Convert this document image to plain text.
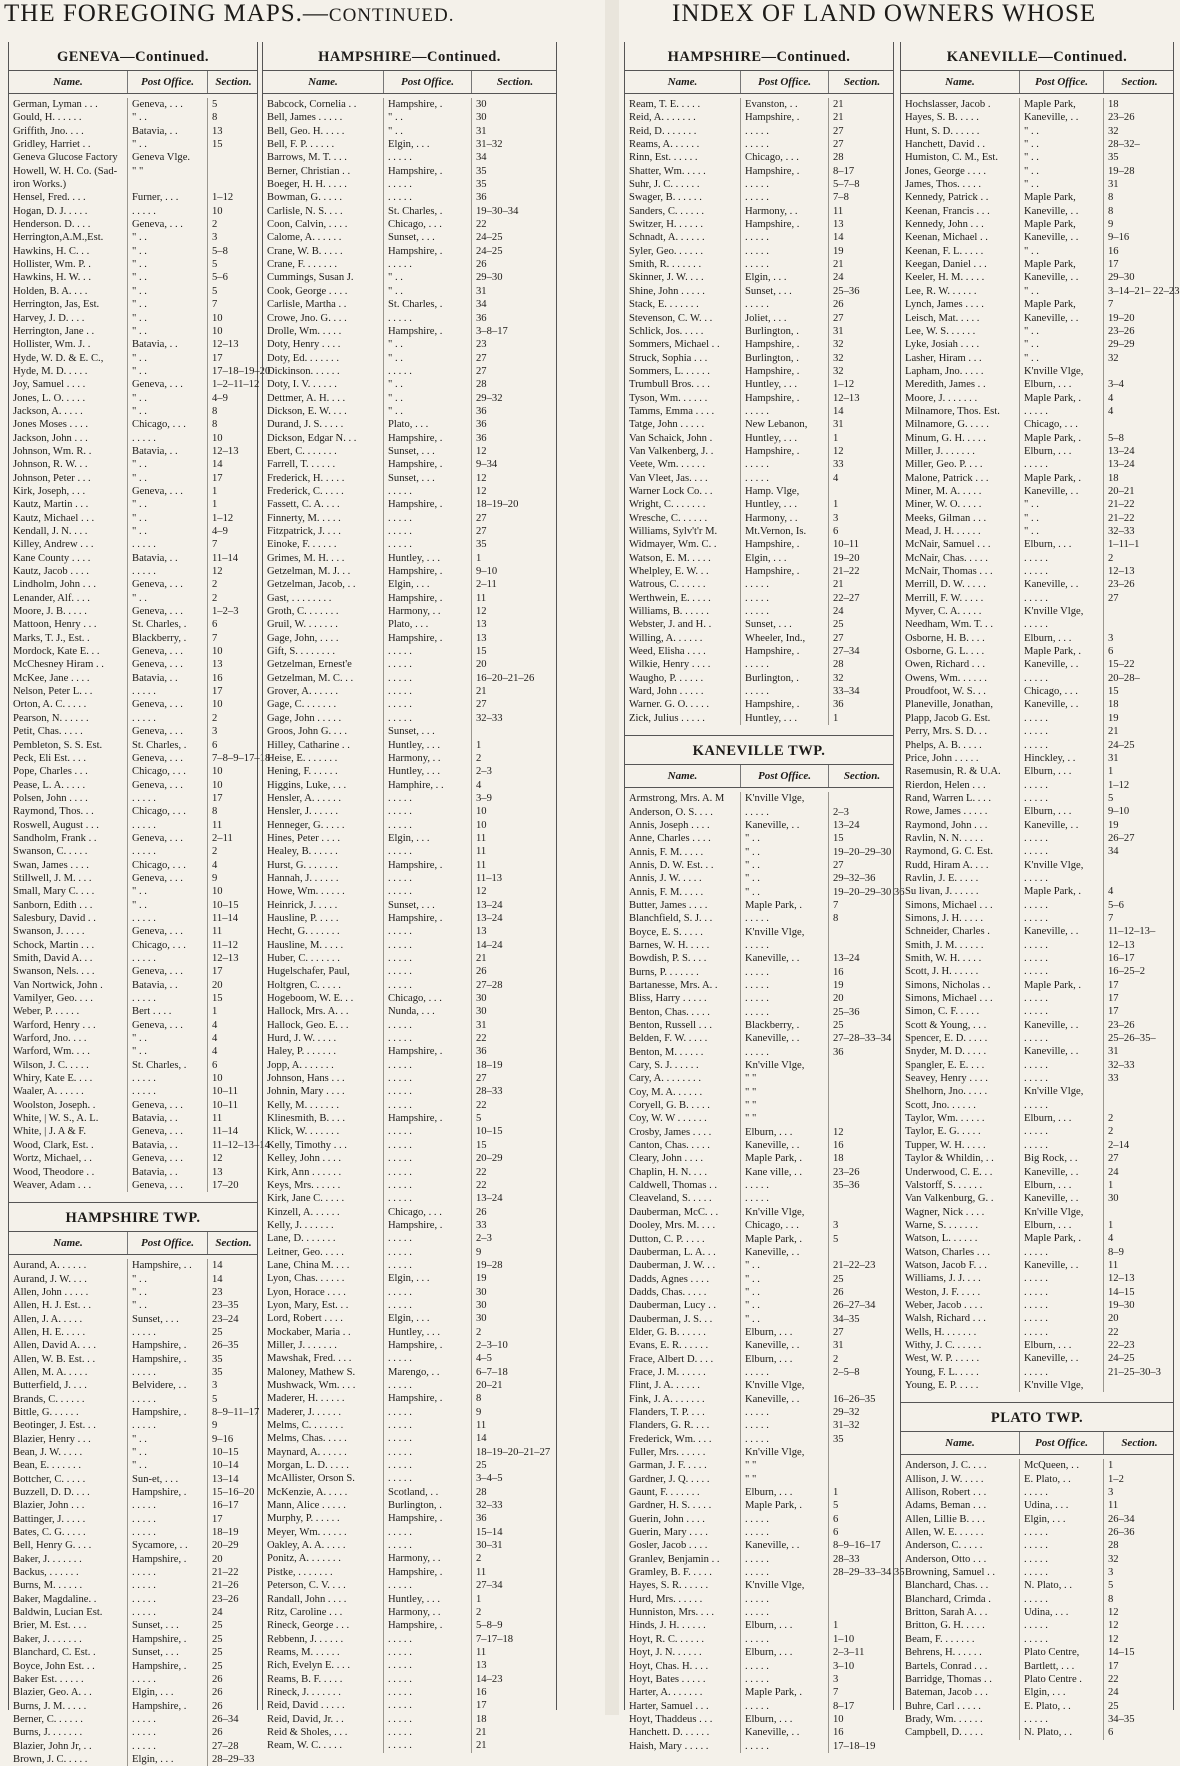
THE FOREGOING MAPS.—CONTINUED.	INDEX OF LAND OWNERS WHOSE
GENEVA—Continued.
Name.	Post Office.	Section.
German, Lyman . . .	Geneva, . . .	5
Gould, H. . . . . .	" . .	8
Griffith, Jno. . . .	Batavia, . .	13
Gridley, Harriet . .	" . .	15
Geneva Glucose Factory	Geneva Vlge.
Howell, W. H. Co. (Sad-	" "
iron Works.)
Hensel, Fred. . . .	Furner, . . .	1–12
Hogan, D. J. . . . .	. . . . .	10
Henderson. D. . . .	Geneva, . . .	2
Herrington,A.M.,Est.	" . .	3
Hawkins, H. C. . .	" . .	5–8
Hollister, Wm. P. .	" . .	5
Hawkins, H. W. . .	" . .	5–6
Holden, B. A. . . .	" . .	5
Herrington, Jas, Est.	" . .	7
Harvey, J. D. . . .	" . .	10
Herrington, Jane . .	" . .	10
Hollister, Wm. J. .	Batavia, . .	12–13
Hyde, W. D. & E. C.,	" . .	17
Hyde, M. D. . . . .	" . .	17–18–19–20
Joy, Samuel . . . .	Geneva, . . .	1–2–11–12
Jones, L. O. . . . .	" . .	4–9
Jackson, A. . . . .	" . .	8
Jones Moses . . . .	Chicago, . . .	8
Jackson, John . . .	. . . . .	10
Johnson, Wm. R. .	Batavia, . .	12–13
Johnson, R. W. . .	" . .	14
Johnson, Peter . . .	" . .	17
Kirk, Joseph, . . .	Geneva, . . .	1
Kautz, Martin . . .	" . .	1
Kautz, Michael . . .	" . .	1–12
Kendall, J. N. . . .	" . .	4–9
Killey, Andrew . . .	. . . . .	7
Kane County . . . .	Batavia, . .	11–14
Kautz, Jacob . . . .	. . . . .	12
Lindholm, John . . .	Geneva, . . .	2
Lenander, Alf. . . .	" . .	2
Moore, J. B. . . . .	Geneva, . . .	1–2–3
Mattoon, Henry . . .	St. Charles, .	6
Marks, T. J., Est. .	Blackberry, .	7
Mordock, Kate E. . .	Geneva, . . .	10
McChesney Hiram . .	Geneva, . . .	13
McKee, Jane . . . .	Batavia, . .	16
Nelson, Peter L. . .	. . . . .	17
Orton, A. C. . . . .	Geneva, . . .	10
Pearson, N. . . . . .	. . . . .	2
Petit, Chas. . . . .	Geneva, . . .	3
Pembleton, S. S. Est.	St. Charles, .	6
Peck, Eli Est. . . .	Geneva, . . .	7–8–9–17–18
Pope, Charles . . .	Chicago, . . .	10
Pease, L. A. . . . .	Geneva, . . .	10
Polsen, John . . . .	. . . . .	17
Raymond, Thos. . .	Chicago, . . .	8
Roswell, August . . .	. . . . .	11
Sandholm, Frank . .	Geneva, . . .	2–11
Swanson, C. . . . .	. . . . .	2
Swan, James . . . .	Chicago, . . .	4
Stillwell, J. M. . . .	Geneva, . . .	9
Small, Mary C. . . .	" . .	10
Sanborn, Edith . . .	" . .	10–15
Salesbury, David . .	. . . . .	11–14
Swanson, J. . . . .	Geneva, . . .	11
Schock, Martin . . .	Chicago, . . .	11–12
Smith, David A. . .	. . . . .	12–13
Swanson, Nels. . . .	Geneva, . . .	17
Van Nortwick, John .	Batavia, . .	20
Vamilyer, Geo. . . .	. . . . .	15
Weber, P. . . . . .	Bert . . . .	1
Warford, Henry . . .	Geneva, . . .	4
Warford, Jno. . . .	" . .	4
Warford, Wm. . . .	" . .	4
Wilson, J. C. . . . .	St. Charles, .	6
Whiry, Kate E. . . .	. . . . .	10
Waaler, A. . . . . .	. . . . .	10–11
Woolston, Joseph. .	Geneva, . . .	10–11
White, | W. S., A. L.	Batavia, . .	11
White, | J. A & F.	Geneva, . . .	11–14
Wood, Clark, Est. .	Batavia, . .	11–12–13–14
Wortz, Michael, . .	Geneva, . . .	12
Wood, Theodore . .	Batavia, . .	13
Weaver, Adam . . .	Geneva, . . .	17–20
HAMPSHIRE TWP.
Name.	Post Office.	Section.
Aurand, A. . . . . .	Hampshire, . .	14
Aurand, J. W. . . .	" . .	14
Allen, John . . . . .	" . .	23
Allen, H. J. Est. . .	" . .	23–35
Allen, J. A. . . . .	Sunset, . . .	23–24
Allen, H. E. . . . .	. . . . .	25
Allen, David A. . . .	Hampshire, .	26–35
Allen, W. B. Est. . .	Hampshire, .	35
Allen, M. A. . . . .	. . . . .	35
Butterfield, J. . . .	Belvidere, . .	3
Brands, C. . . . . .	. . . . .	5
Bittle, G. . . . . .	Hampshire, .	8–9–11–17
Beotinger, J. Est. . .	. . . . .	9
Blazier, Henry . . .	" . .	9–16
Bean, J. W. . . . .	" . .	10–15
Bean, E. . . . . . .	" . .	10–14
Bottcher, C. . . . .	Sun-et, . . .	13–14
Buzzell, D. D. . . .	Hampshire, .	15–16–20
Blazier, John . . .	. . . . .	16–17
Battinger, J. . . . .	. . . . .	17
Bates, C. G. . . . .	. . . . .	18–19
Bell, Henry G. . . .	Sycamore, . .	20–29
Baker, J. . . . . . .	Hampshire, .	20
Backus, . . . . . .	. . . . .	21–22
Burns, M. . . . . .	. . . . .	21–26
Baker, Magdaline. .	. . . . .	23–26
Baldwin, Lucian Est.	. . . . .	24
Brier, M. Est. . . .	Sunset, . . .	25
Baker, J. . . . . . .	Hampshire, .	25
Blanchard, C. Est. .	Sunset, . . .	25
Boyce, John Est. . .	Hampshire, .	25
Baker Est. . . . . .	. . . . .	26
Blazier, Geo. A. . .	Elgin, . . .	26
Burns, J. M. . . . .	Hampshire, .	26
Berner, C. . . . . .	. . . . .	26–34
Burns, J. . . . . . .	. . . . .	26
Blazier, John Jr, . .	. . . . .	27–28
Brown, J. C. . . . .	Elgin, . . .	28–29–33
HAMPSHIRE—Continued.
Name.	Post Office.	Section.
Babcock, Cornelia . .	Hampshire, .	30
Bell, James . . . . .	" . .	30
Bell, Geo. H. . . . .	" . .	31
Bell, F. P. . . . . .	Elgin, . . .	31–32
Barrows, M. T. . . .	. . . . .	34
Berner, Christian . .	Hampshire, .	35
Boeger, H. H. . . . .	. . . . .	35
Bowman, G. . . . .	. . . . .	36
Carlisle, N. S. . . .	St. Charles, .	19–30–34
Coon, Calvin, . . . .	Chicago, . . .	22
Calome, A. . . . . .	Sunset, . . .	24–25
Crane, W. B. . . . .	Hampshire, .	24–25
Crane, F. . . . . . .	. . . . .	26
Cummings, Susan J.	" . .	29–30
Cook, George . . . .	" . .	31
Carlisle, Martha . .	St. Charles, .	34
Crowe, Jno. G. . . .	. . . . .	36
Drolle, Wm. . . . .	Hampshire, .	3–8–17
Doty, Henry . . . .	" . .	23
Doty, Ed. . . . . . .	" . .	27
Dickinson. . . . . .	. . . . .	27
Doty, I. V. . . . . .	" . .	28
Dettmer, A. H. . . .	" . .	29–32
Dickson, E. W. . . .	" . .	36
Durand, J. S. . . . .	Plato, . . .	36
Dickson, Edgar N. . .	Hampshire, .	36
Ebert, C. . . . . . .	Sunset, . . .	12
Farrell, T. . . . . .	Hampshire, .	9–34
Frederick, H. . . . .	Sunset, . . .	12
Frederick, C. . . . .	. . . . .	12
Fassett, C. A. . . .	Hampshire, .	18–19–20
Finnerty, M. . . . .	. . . . .	27
Fitzpatrick, J. . . .	. . . . .	27
Einoke, F. . . . . .	. . . . .	35
Grimes, M. H. . . .	Huntley, . . .	1
Getzelman, M. J. . .	Hampshire, .	9–10
Getzelman, Jacob, . .	Elgin, . . .	2–11
Gast, . . . . . . . .	Hampshire, .	11
Groth, C. . . . . . .	Harmony, . .	12
Gruil, W. . . . . . .	Plato, . . .	13
Gage, John, . . . .	Hampshire, .	13
Gift, S. . . . . . . .	. . . . .	15
Getzelman, Ernest'e	. . . . .	20
Getzelman, M. C. . .	. . . . .	16–20–21–26
Grover, A. . . . . .	. . . . .	21
Gage, C. . . . . . .	. . . . .	27
Gage, John . . . . .	. . . . .	32–33
Groos, John G. . . .	Sunset, . . .
Hilley, Catharine . .	Huntley, . . .	1
Heise, E. . . . . . .	Harmony, . .	2
Hening, F. . . . . .	Huntley, . . .	2–3
Higgins, Luke, . . .	Hamphire, . .	4
Hensler, A. . . . . .	. . . . .	3–9
Hensler, J. . . . . .	. . . . .	10
Henneger, G. . . . .	. . . . .	10
Hines, Peter . . . .	Elgin, . . .	11
Healey, B. . . . . .	. . . . .	11
Hurst, G. . . . . . .	Hampshire, .	11
Hannah, J. . . . . .	. . . . .	11–13
Howe, Wm. . . . . .	. . . . .	12
Heinrick, J. . . . .	Sunset, . . .	13–24
Hausline, P. . . . .	Hampshire, .	13–24
Hecht, G. . . . . . .	. . . . .	13
Hausline, M. . . . .	. . . . .	14–24
Huber, C. . . . . . .	. . . . .	21
Hugelschafer, Paul,	. . . . .	26
Holtgren, C. . . . .	. . . . .	27–28
Hogeboom, W. E. . .	Chicago, . . .	30
Hallock, Mrs. A. . .	Nunda, . . .	30
Hallock, Geo. E. . .	. . . . .	31
Hurd, J. W. . . . .	. . . . .	22
Haley, P. . . . . . .	Hampshire, .	36
Jopp, A. . . . . . .	. . . . .	18–19
Johnson, Hans . . .	. . . . .	27
Johnin, Mary . . . .	. . . . .	28–33
Kelly, M. . . . . . .	. . . . .	22
Klinesmith, B. . . .	Hampshire, .	5
Klick, W. . . . . . .	. . . . .	10–15
Kelly, Timothy . . .	. . . . .	15
Kelley, John . . . .	. . . . .	20–29
Kirk, Ann . . . . . .	. . . . .	22
Keys, Mrs. . . . . .	. . . . .	22
Kirk, Jane C. . . . .	. . . . .	13–24
Kinzell, A. . . . . .	Chicago, . . .	26
Kelly, J. . . . . . .	Hampshire, .	33
Lane, D. . . . . . .	. . . . .	2–3
Leitner, Geo. . . . .	. . . . .	9
Lane, China M. . . .	. . . . .	19–28
Lyon, Chas. . . . . .	Elgin, . . .	19
Lyon, Horace . . . .	. . . . .	30
Lyon, Mary, Est. . .	. . . . .	30
Lord, Robert . . . .	Elgin, . . .	30
Mockaber, Maria . .	Huntley, . . .	2
Miller, J. . . . . . .	Hampshire, .	2–3–10
Mawshak, Fred. . . .	. . . . .	4–5
Maloney, Mathew S.	Marengo, . .	6–7–18
Mushwack, Wm. . . .	. . . . .	20–21
Maderer, H. . . . . .	Hampshire, .	8
Maderer, J. . . . . .	. . . . .	9
Melms, C. . . . . . .	. . . . .	11
Melms, Chas. . . . .	. . . . .	14
Maynard, A. . . . . .	. . . . .	18–19–20–21–27
Morgan, L. D. . . . .	. . . . .	25
McAllister, Orson S.	. . . . .	3–4–5
McKenzie, A. . . . .	Scotland, . .	28
Mann, Alice . . . . .	Burlington, .	32–33
Murphy, P. . . . . .	Hampshire, .	36
Meyer, Wm. . . . . .	. . . . .	15–14
Oakley, A. A. . . . .	. . . . .	30–31
Ponitz, A. . . . . . .	Harmony, . .	2
Pistke, . . . . . . .	Hampshire, .	11
Peterson, C. V. . . .	. . . . .	27–34
Randall, John . . . .	Huntley, . . .	1
Ritz, Caroline . . .	Harmony, . .	2
Rineck, George . . .	Hampshire, .	5–8–9
Rebbenn, J. . . . . .	. . . . .	7–17–18
Reams, M. . . . . .	. . . . .	11
Rich, Evelyn E. . . .	. . . . .	13
Reams, B. F. . . . .	. . . . .	14–23
Rineck, J. . . . . . .	. . . . .	16
Reid, David . . . . .	. . . . .	17
Reid, David, Jr. . .	. . . . .	18
Reid & Sholes, . . .	. . . . .	21
Ream, W. C. . . . .	. . . . .	21
HAMPSHIRE—Continued.
Name.	Post Office.	Section.
Ream, T. E. . . . .	Evanston, . .	21
Reid, A. . . . . . .	Hampshire, .	21
Reid, D. . . . . . .	. . . . .	27
Reams, A. . . . . .	. . . . .	27
Rinn, Est. . . . . .	Chicago, . . .	28
Shatter, Wm. . . . .	Hampshire, .	8–17
Suhr, J. C. . . . . .	. . . . .	5–7–8
Swager, B. . . . . .	. . . . .	7–8
Sanders, C. . . . . .	Harmony, . .	11
Switzer, H. . . . . .	Hampshire, .	13
Schnadt, A. . . . . .	. . . . .	14
Syler, Geo. . . . . .	. . . . .	19
Smith, R. . . . . . .	. . . . .	21
Skinner, J. W. . . .	Elgin, . . .	24
Shine, John . . . . .	Sunset, . . .	25–36
Stack, E. . . . . . .	. . . . .	26
Stevenson, C. W. . .	Joliet, . . .	27
Schlick, Jos. . . . .	Burlington, .	31
Sommers, Michael . .	Hampshire, .	32
Struck, Sophia . . .	Burlington, .	32
Sommers, L. . . . . .	Hampshire, .	32
Trumbull Bros. . . .	Huntley, . . .	1–12
Tyson, Wm. . . . . .	Hampshire, .	12–13
Tamms, Emma . . . .	. . . . .	14
Tatge, John . . . . .	New Lebanon,	31
Van Schaick, John .	Huntley, . . .	1
Van Valkenberg, J. .	Hampshire, .	12
Veete, Wm. . . . . .	. . . . .	33
Van Vleet, Jas. . . .	. . . . .	4
Warner Lock Co. . .	Hamp. Vlge,
Wright, C. . . . . . .	Huntley, . . .	1
Wresche, C. . . . . .	Harmony, . .	3
Williams, Sylv't'r M.	Mt.Vernon, Is.	6
Widmayer, Wm. C. .	Hampshire, .	10–11
Watson, E. M. . . . .	Elgin, . . .	19–20
Whelpley, E. W. . .	Hampshire, .	21–22
Watrous, C. . . . . .	. . . . .	21
Werthwein, E. . . . .	. . . . .	22–27
Williams, B. . . . . .	. . . . .	24
Webster, J. and H. .	Sunset, . . .	25
Willing, A. . . . . .	Wheeler, Ind.,	27
Weed, Elisha . . . .	Hampshire, .	27–34
Wilkie, Henry . . . .	. . . . .	28
Waugho, P. . . . . .	Burlington, .	32
Ward, John . . . . .	. . . . .	33–34
Warner. G. O. . . . .	Hampshire, .	36
Zick, Julius . . . . .	Huntley, . . .	1
KANEVILLE TWP.
Name.	Post Office.	Section.
Armstrong, Mrs. A. M	K'nville Vlge,
Anderson, O. S. . . .	. . . . .	2–3
Annis, Joseph . . . .	Kaneville, . .	13–24
Anne, Charles . . . .	" . .	15
Annis, F. M. . . . .	" . .	19–20–29–30
Annis, D. W. Est. . .	" . .	27
Annis, J. W. . . . .	" . .	29–32–36
Annis, F. M. . . . .	" . .	19–20–29–30 36
Butter, James . . . .	Maple Park, .	7
Blanchfield, S. J. . .	. . . . .	8
Boyce, E. S. . . . .	K'nville Vlge,
Barnes, W. H. . . . .	. . . . .
Bowdish, P. S. . . .	Kaneville, . .	13–24
Burns, P. . . . . . .	. . . . .	16
Bartanesse, Mrs. A. .	. . . . .	19
Bliss, Harry . . . . .	. . . . .	20
Benton, Chas. . . . .	. . . . .	25–36
Benton, Russell . . .	Blackberry, .	25
Belden, F. W. . . . .	Kaneville, . .	27–28–33–34
Benton, M. . . . . .	. . . . .	36
Cary, S. J. . . . . .	Kn'ville Vlge,
Cary, A. . . . . . . .	" "
Coy, M. A. . . . . .	" "
Coryell, G. B. . . . .	" "
Coy, W. W . . . . . .	" "
Crosby, James . . . .	Elburn, . . .	12
Canton, Chas. . . . .	Kaneville, . .	16
Cleary, John . . . .	Maple Park, .	18
Chaplin, H. N. . . .	Kane ville, . .	23–26
Caldwell, Thomas . .	. . . . .	35–36
Cleaveland, S. . . . .	. . . . .
Dauberman, McC. . .	Kn'ville Vlge,
Dooley, Mrs. M. . . .	Chicago, . . .	3
Dutton, C. P. . . . .	Maple Park, .	5
Dauberman, L. A. . .	Kaneville, . .
Dauberman, J. W. . .	" . .	21–22–23
Dadds, Agnes . . . .	" . .	25
Dadds, Chas. . . . .	" . .	26
Dauberman, Lucy . .	" . .	26–27–34
Dauberman, J. S. . .	" . .	34–35
Elder, G. B. . . . . .	Elburn, . . .	27
Evans, E. R. . . . . .	Kaneville, . .	31
Frace, Albert D. . . .	Elburn, . . .	2
Frace, J. M. . . . . .	. . . . .	2–5–8
Flint, J. A. . . . . .	K'nville Vlge,
Fink, J. A. . . . . . .	Kaneville, . .	16–26–35
Flanders, T. P. . . .	. . . . .	29–32
Flanders, G. R. . . .	. . . . .	31–32
Frederick, Wm. . . .	. . . . .	35
Fuller, Mrs. . . . . .	Kn'ville Vlge,
Garman, J. F. . . . .	" "
Gardner, J. Q. . . . .	" "
Gaunt, F. . . . . . .	Elburn, . . .	1
Gardner, H. S. . . . .	Maple Park, .	5
Guerin, John . . . .	. . . . .	6
Guerin, Mary . . . .	. . . . .	6
Gosler, Jacob . . . .	Kaneville, . .	8–9–16–17
Granlev, Benjamin . .	. . . . .	28–33
Gramley, B. F. . . . .	. . . . .	28–29–33–34 35
Hayes, S. R. . . . . .	K'nville Vlge,
Hurd, Mrs. . . . . .	. . . . .
Hunniston, Mrs. . . .	. . . . .
Hinds, J. H. . . . . .	Elburn, . . .	1
Hoyt, R. C. . . . . .	. . . . .	1–10
Hoyt, J. N. . . . . .	Elburn, . . .	2–3–11
Hoyt, Chas. H. . . .	. . . . .	3–10
Hoyt, Bates . . . . .	. . . . .	3
Harter, A. . . . . . .	Maple Park, .	7
Harter, Samuel . . .	. . . . .	8–17
Hoyt, Thaddeus . . .	Elburn, . . .	10
Hanchett. D. . . . . .	Kaneville, . .	16
Haish, Mary . . . . .	. . . . .	17–18–19
KANEVILLE—Continued.
Name.	Post Office.	Section.
Hochslasser, Jacob .	Maple Park,	18
Hayes, S. B. . . . .	Kaneville, . .	23–26
Hunt, S. D. . . . . .	" . .	32
Hanchett, David . .	" . .	28–32–
Humiston, C. M., Est.	" . .	35
Jones, George . . . .	" . .	19–28
James, Thos. . . . .	" . .	31
Kennedy, Patrick . .	Maple Park,	8
Keenan, Francis . . .	Kaneville, . .	8
Kennedy, John . . .	Maple Park,	9
Keenan, Michael . .	Kaneville, . .	9–16
Keenan, F. L. . . . .	" . .	16
Keegan, Daniel . . .	Maple Park,	17
Keeler, H. M. . . . .	Kaneville, . .	29–30
Lee, R. W. . . . . .	" . .	3–14–21– 22–23
Lynch, James . . . .	Maple Park,	7
Leisch, Mat. . . . .	Kaneville, . .	19–20
Lee, W. S. . . . . .	" . .	23–26
Lyke, Josiah . . . .	" . .	29–29
Lasher, Hiram . . .	" . .	32
Lapham, Jno. . . . .	K'nville Vlge,
Meredith, James . .	Elburn, . . .	3–4
Moore, J. . . . . . .	Maple Park, .	4
Milnamore, Thos. Est.	. . . . .	4
Milnamore, G. . . . .	Chicago, . . .
Minum, G. H. . . . .	Maple Park, .	5–8
Miller, J. . . . . . .	Elburn, . . .	13–24
Miller, Geo. P. . . .	. . . . .	13–24
Malone, Patrick . . .	Maple Park, .	18
Miner, M. A. . . . .	Kaneville, . .	20–21
Miner, W. O. . . . .	" . .	21–22
Meeks, Gilman . . .	" . .	21–22
Mead, J. H. . . . . .	" . .	32–33
McNair, Samuel . . .	Elburn, . . .	1–11–1
McNair, Chas. . . . .	. . . . .	2
McNair, Thomas . . .	. . . . .	12–13
Merrill, D. W. . . . .	Kaneville, . .	23–26
Merrill, F. W. . . . .	. . . . .	27
Myver, C. A. . . . .	K'nville Vlge,
Needham, Wm. T. . .	. . . . .
Osborne, H. B. . . .	Elburn, . . .	3
Osborne, G. L. . . .	Maple Park, .	6
Owen, Richard . . .	Kaneville, . .	15–22
Owens, Wm. . . . . .	. . . . .	20–28–
Proudfoot, W. S. . .	Chicago, . . .	15
Planeville, Jonathan,	Kaneville, . .	18
Plapp, Jacob G. Est.	. . . . .	19
Perry, Mrs. S. D. . .	. . . . .	21
Phelps, A. B. . . . .	. . . . .	24–25
Price, John . . . . .	Hinckley, . .	31
Rasemusin, R. & U.A.	Elburn, . . .	1
Rierdon, Helen . . .	. . . . .	1–12
Rand, Warren L. . . .	. . . . .	5
Rowe, James . . . . .	Elburn, . . .	9–10
Raymond, John . . .	Kaneville, . .	19
Ravlin, N. N. . . . .	. . . . .	26–27
Raymond, G. C. Est.	. . . . .	34
Rudd, Hiram A. . . .	K'nville Vlge,
Ravlin, J. E. . . . .	. . . . .
Su livan, J. . . . . .	Maple Park, .	4
Simons, Michael . . .	. . . . .	5–6
Simons, J. H. . . . .	. . . . .	7
Schneider, Charles .	Kaneville, . .	11–12–13–
Smith, J. M. . . . . .	. . . . .	12–13
Smith, W. H. . . . .	. . . . .	16–17
Scott, J. H. . . . . .	. . . . .	16–25–2
Simons, Nicholas . .	Maple Park, .	17
Simons, Michael . . .	. . . . .	17
Simon, C. F. . . . .	. . . . .	17
Scott & Young, . . .	Kaneville, . .	23–26
Spencer, E. D. . . . .	. . . . .	25–26–35–
Snyder, M. D. . . . .	Kaneville, . .	31
Spangler, E. E. . . .	. . . . .	32–33
Seavey, Henry . . . .	. . . . .	33
Shelhorn, Jno. . . . .	Kn'ville Vlge,
Scott, Jno. . . . . .	. . . . .
Taylor, Wm. . . . . .	Elburn, . . .	2
Taylor, E. G. . . . .	. . . . .	2
Tupper, W. H. . . . .	. . . . .	2–14
Taylor & Whildin, . .	Big Rock, . .	27
Underwood, C. E. . .	Kaneville, . .	24
Valstorff, S. . . . . .	Elburn, . . .	1
Van Valkenburg, G. .	Kaneville, . .	30
Wagner, Nick . . . .	Kn'ville Vlge,
Warne, S. . . . . . .	Elburn, . . .	1
Watson, L. . . . . .	Maple Park, .	4
Watson, Charles . . .	. . . . .	8–9
Watson, Jacob F. . .	Kaneville, . .	11
Williams, J. J. . . .	. . . . .	12–13
Weston, J. F. . . . .	. . . . .	14–15
Weber, Jacob . . . .	. . . . .	19–30
Walsh, Richard . . .	. . . . .	20
Wells, H. . . . . . .	. . . . .	22
Withy, J. C. . . . . .	Elburn, . . .	22–23
West, W. P. . . . . .	Kaneville, . .	24–25
Young, F. L. . . . .	. . . . .	21–25–30–3
Young, E. P. . . . .	K'nville Vlge,
PLATO TWP.
Name.	Post Office.	Section.
Anderson, J. C. . . .	McQueen, . .	1
Allison, J. W. . . . .	E. Plato, . .	1–2
Allison, Robert . . .	. . . . .	3
Adams, Beman . . .	Udina, . . .	11
Allen, Lillie B. . . .	Elgin, . . .	26–34
Allen, W. E. . . . . .	. . . . .	26–36
Anderson, C. . . . .	. . . . .	28
Anderson, Otto . . .	. . . . .	32
Browning, Samuel . .	. . . . .	3
Blanchard, Chas. . .	N. Plato, . .	5
Blanchard, Crimda .	. . . . .	8
Britton, Sarah A. . .	Udina, . . .	12
Britton, G. H. . . . .	. . . . .	12
Beam, F. . . . . . .	. . . . .	12
Behrens, H. . . . . .	Plato Centre,	14–15
Bartels, Conrad . . .	Bartlett, . . .	17
Barridge, Thomas . .	Plato Centre .	22
Bateman, Jacob . . .	Elgin, . . .	24
Buhre, Carl . . . . .	E. Plato, . .	25
Brady, Wm. . . . . .	. . . . .	34–35
Campbell, D. . . . .	N. Plato, . .	6
